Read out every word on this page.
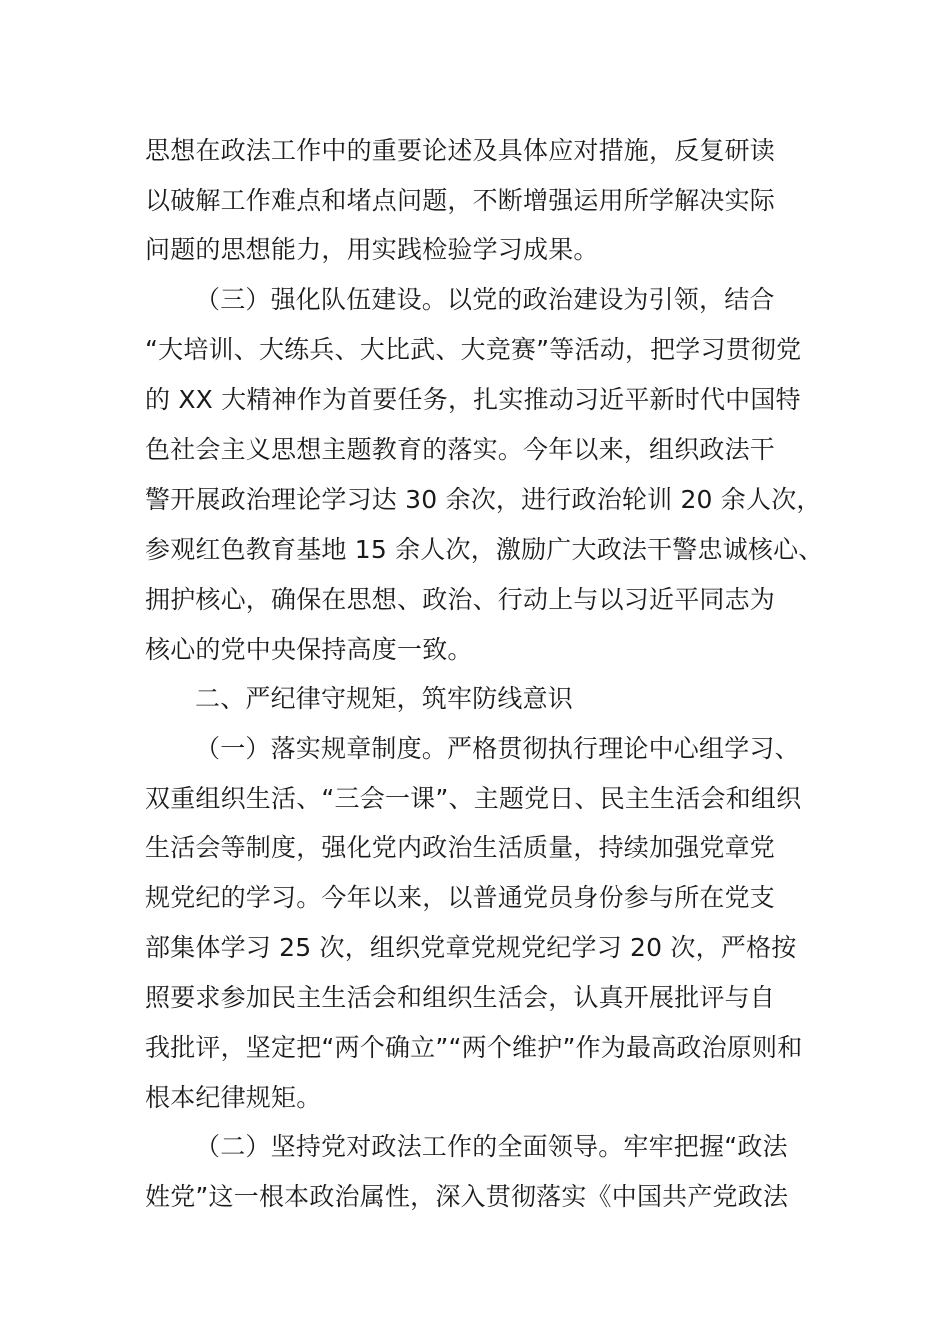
思想在政法工作中的重要论述及具体应对措施，反复研读
以破解工作难点和堵点问题，不断增强运用所学解决实际
问题的思想能力，用实践检验学习成果。
（三）强化队伍建设。以党的政治建设为引领，结合
“大培训、大练兵、大比武、大竞赛”等活动，把学习贯彻党
的 XX 大精神作为首要任务，扎实推动习近平新时代中国特
色社会主义思想主题教育的落实。今年以来，组织政法干
警开展政治理论学习达 30 余次，进行政治轮训 20 余人次，
参观红色教育基地 15 余人次，激励广大政法干警忠诚核心、
拥护核心，确保在思想、政治、行动上与以习近平同志为
核心的党中央保持高度一致。
二、严纪律守规矩，筑牢防线意识
（一）落实规章制度。严格贯彻执行理论中心组学习、
双重组织生活、“三会一课”、主题党日、民主生活会和组织
生活会等制度，强化党内政治生活质量，持续加强党章党
规党纪的学习。今年以来，以普通党员身份参与所在党支
部集体学习 25 次，组织党章党规党纪学习 20 次，严格按
照要求参加民主生活会和组织生活会，认真开展批评与自
我批评，坚定把“两个确立”“两个维护”作为最高政治原则和
根本纪律规矩。
（二）坚持党对政法工作的全面领导。牢牢把握“政法
姓党”这一根本政治属性，深入贯彻落实《中国共产党政法
